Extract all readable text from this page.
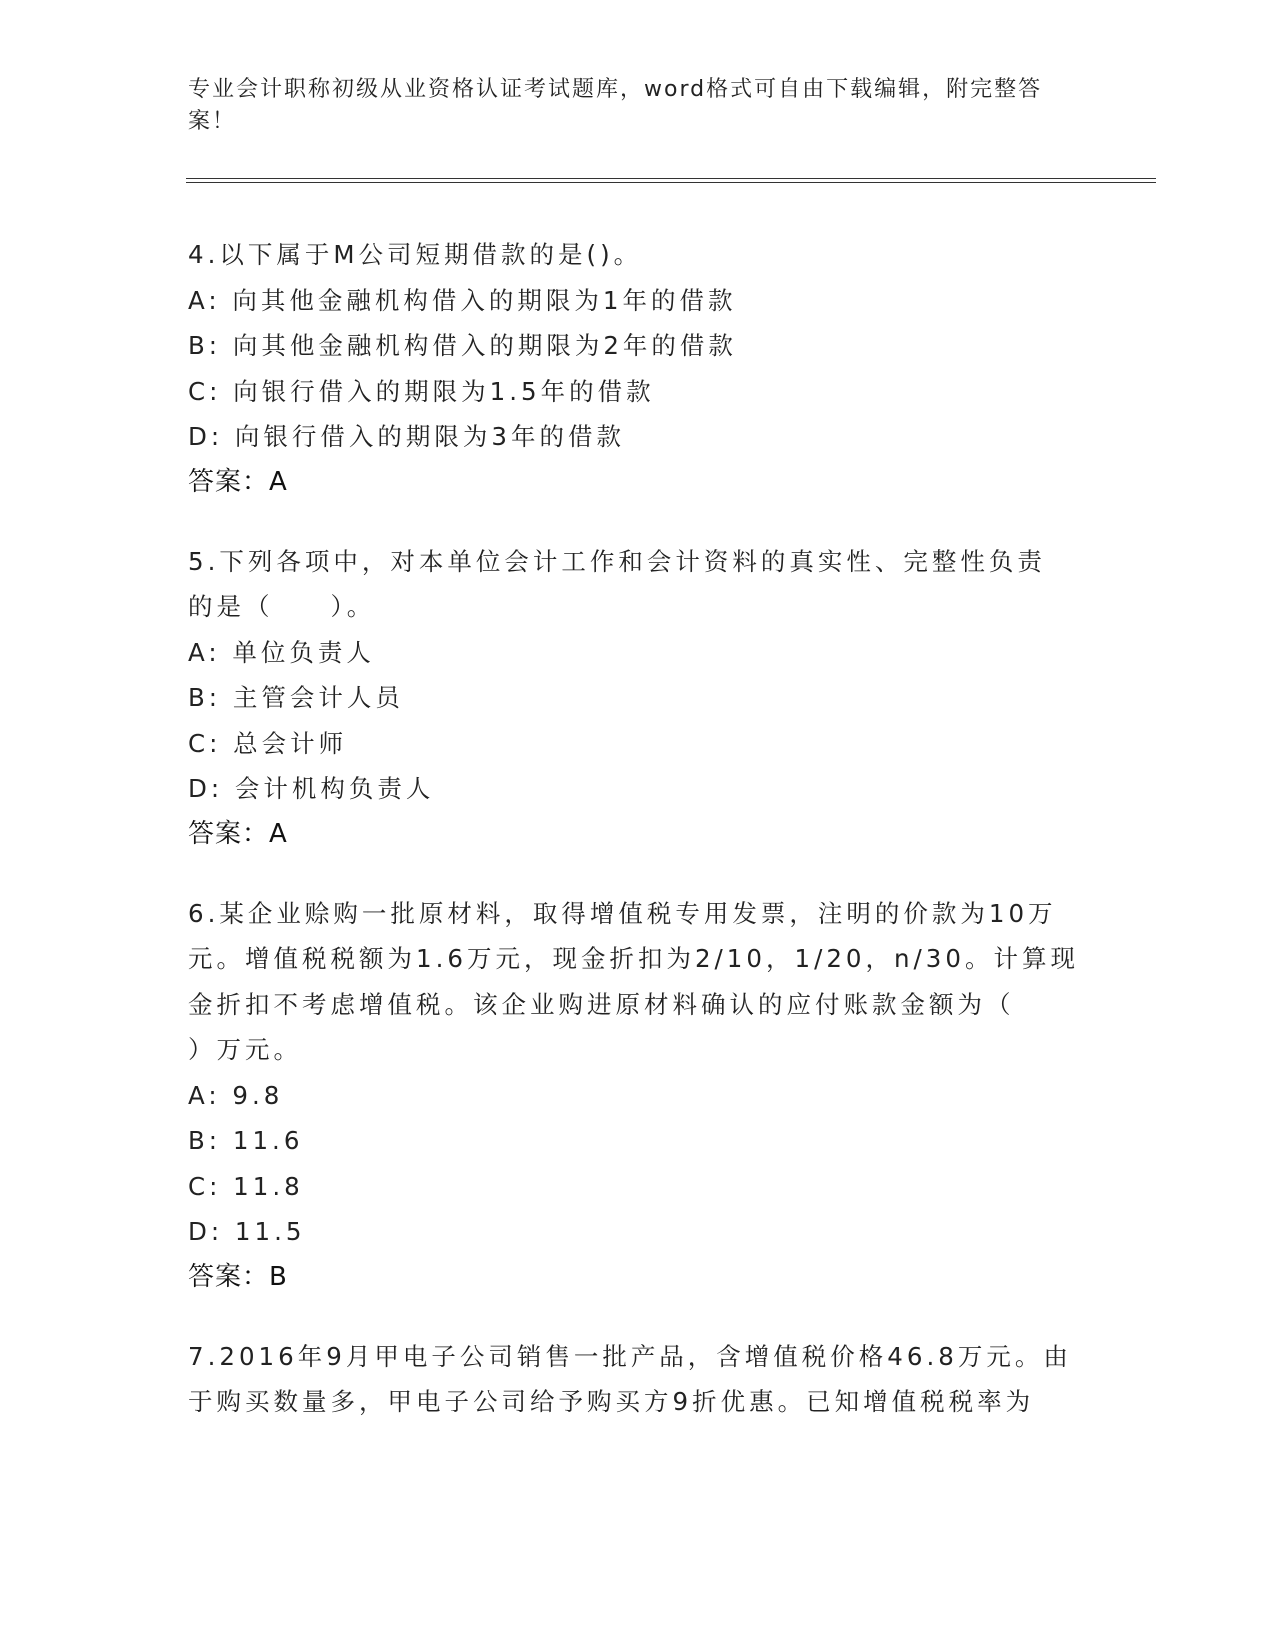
专业会计职称初级从业资格认证考试题库，word格式可自由下载编辑，附完整答案！
4.以下属于M公司短期借款的是()。
A: 向其他金融机构借入的期限为1年的借款
B: 向其他金融机构借入的期限为2年的借款
C: 向银行借入的期限为1.5年的借款
D: 向银行借入的期限为3年的借款
答案：A
5.下列各项中，对本单位会计工作和会计资料的真实性、完整性负责
的是（　　）。
A: 单位负责人
B: 主管会计人员
C: 总会计师
D: 会计机构负责人
答案：A
6.某企业赊购一批原材料，取得增值税专用发票，注明的价款为10万
元。增值税税额为1.6万元，现金折扣为2/10，1/20，n/30。计算现
金折扣不考虑增值税。该企业购进原材料确认的应付账款金额为（
）万元。
A: 9.8
B: 11.6
C: 11.8
D: 11.5
答案：B
7.2016年9月甲电子公司销售一批产品，含增值税价格46.8万元。由
于购买数量多，甲电子公司给予购买方9折优惠。已知增值税税率为
